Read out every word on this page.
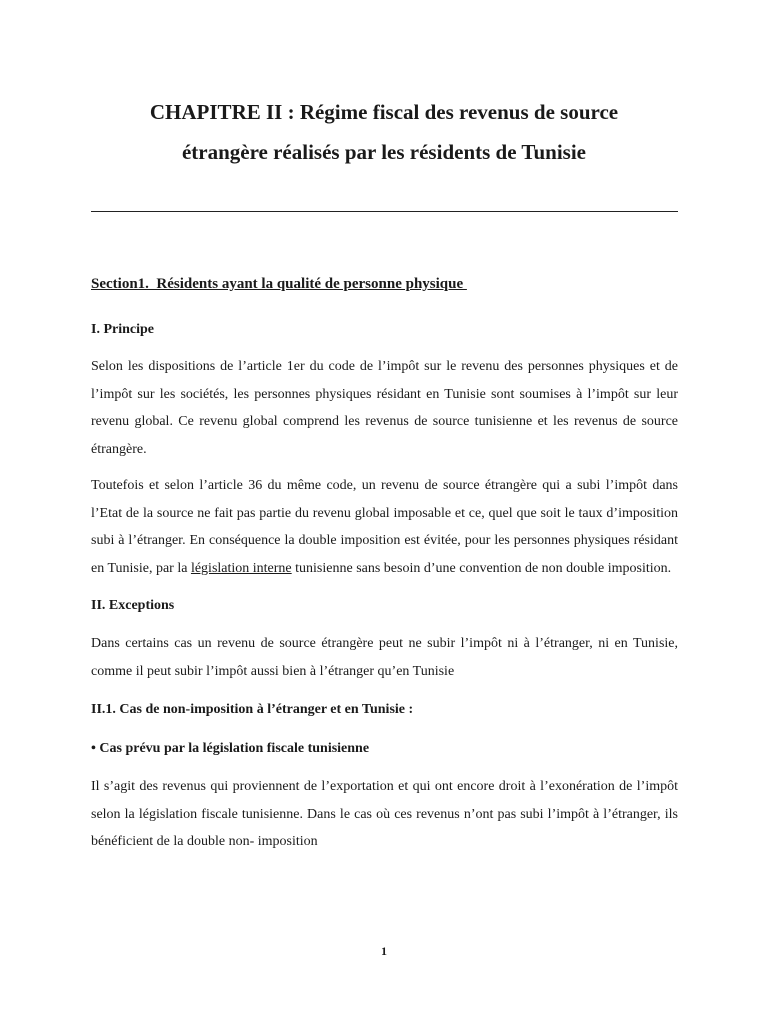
CHAPITRE II : Régime fiscal des revenus de source
étrangère réalisés par les résidents de Tunisie
Section1.  Résidents ayant la qualité de personne physique
I. Principe

Selon les dispositions de l’article 1er du code de l’impôt sur le revenu des personnes physiques et de l’impôt sur les sociétés, les personnes physiques résidant en Tunisie sont soumises à l’impôt sur leur revenu global. Ce revenu global comprend les revenus de source tunisienne et les revenus de source étrangère.

Toutefois et selon l’article 36 du même code, un revenu de source étrangère qui a subi l’impôt dans l’Etat de la source ne fait pas partie du revenu global imposable et ce, quel que soit le taux d’imposition subi à l’étranger. En conséquence la double imposition est évitée, pour les personnes physiques résidant en Tunisie, par la législation interne tunisienne sans besoin d’une convention de non double imposition.

II. Exceptions

Dans certains cas un revenu de source étrangère peut ne subir l’impôt ni à l’étranger, ni en Tunisie, comme il peut subir l’impôt aussi bien à l’étranger qu’en Tunisie

II.1. Cas de non-imposition à l’étranger et en Tunisie :
• Cas prévu par la législation fiscale tunisienne

Il s’agit des revenus qui proviennent de l’exportation et qui ont encore droit à l’exonération de l’impôt selon la législation fiscale tunisienne. Dans le cas où ces revenus n’ont pas subi l’impôt à l’étranger, ils bénéficient de la double non- imposition

1
